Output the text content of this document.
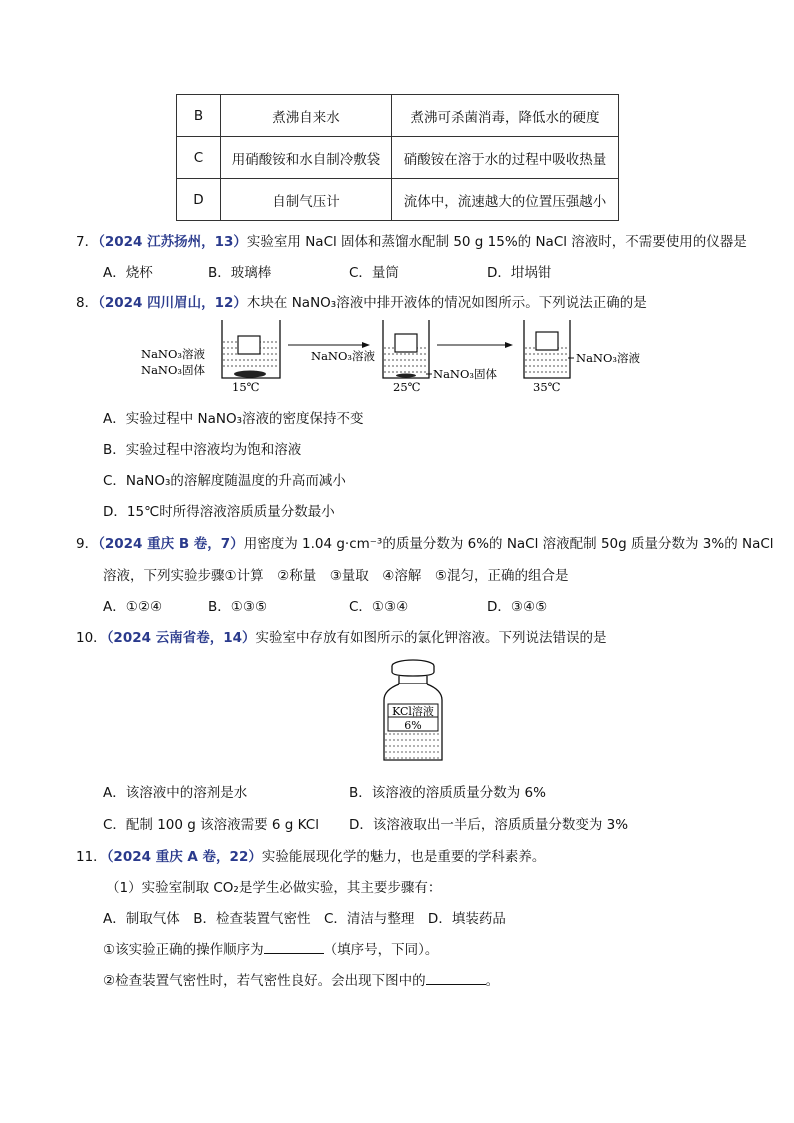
B	煮沸自来水	煮沸可杀菌消毒，降低水的硬度
C	用硝酸铵和水自制冷敷袋	硝酸铵在溶于水的过程中吸收热量
D	自制气压计	流体中，流速越大的位置压强越小
7．（2024 江苏扬州，13）实验室用 NaCl 固体和蒸馏水配制 50 g 15%的 NaCl 溶液时，不需要使用的仪器是
A．烧杯	B．玻璃棒	C．量筒	D．坩埚钳
8．（2024 四川眉山，12）木块在 NaNO₃溶液中排开液体的情况如图所示。下列说法正确的是
NaNO₃溶液
NaNO₃固体
15℃
NaNO₃溶液
NaNO₃固体
25℃
NaNO₃溶液
35℃
A．实验过程中 NaNO₃溶液的密度保持不变
B．实验过程中溶液均为饱和溶液
C．NaNO₃的溶解度随温度的升高而减小
D．15℃时所得溶液溶质质量分数最小
9．（2024 重庆 B 卷，7）用密度为 1.04 g·cm⁻³的质量分数为 6%的 NaCl 溶液配制 50g 质量分数为 3%的 NaCl
溶液，下列实验步骤①计算　②称量　③量取　④溶解　⑤混匀，正确的组合是
A．①②④	B．①③⑤	C．①③④	D．③④⑤
10．（2024 云南省卷，14）实验室中存放有如图所示的氯化钾溶液。下列说法错误的是
KCl溶液
6%
A．该溶液中的溶剂是水	B．该溶液的溶质质量分数为 6%
C．配制 100 g 该溶液需要 6 g KCl D．该溶液取出一半后，溶质质量分数变为 3%
11．（2024 重庆 A 卷，22）实验能展现化学的魅力，也是重要的学科素养。
（1）实验室制取 CO₂是学生必做实验，其主要步骤有：
A．制取气体　B．检查装置气密性　C．清洁与整理　D．填装药品
①该实验正确的操作顺序为	（填序号，下同）。
②检查装置气密性时，若气密性良好。会出现下图中的	。
